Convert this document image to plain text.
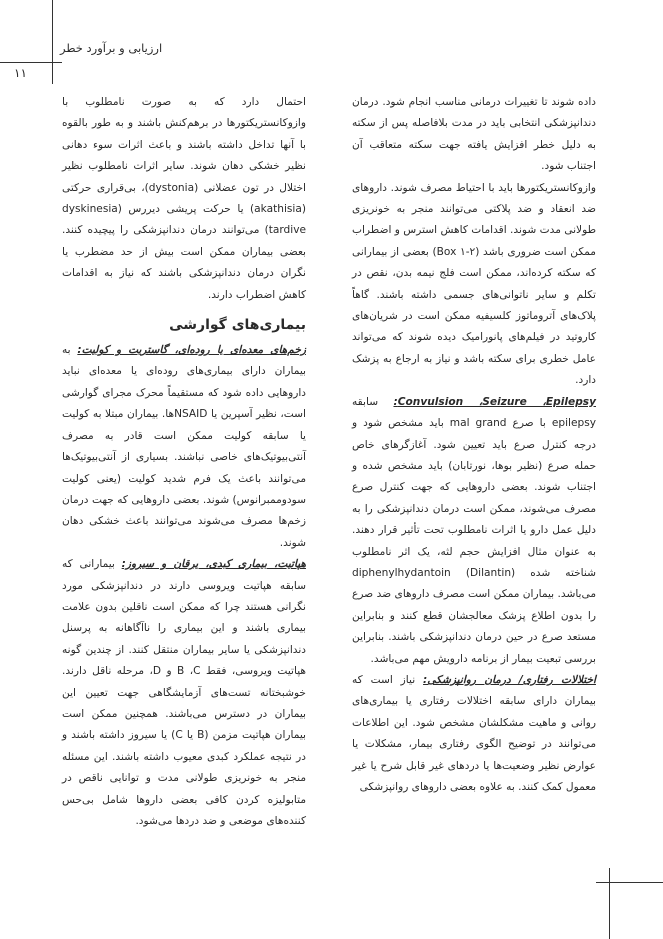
ارزیابی و برآورد خطر
۱۱

داده شوند تا تغییرات درمانی مناسب انجام شود. درمان دندانپزشکی انتخابی باید در مدت بلافاصله پس از سکته به دلیل خطر افزایش یافته جهت سکته متعاقب آن اجتناب شود.

وازوکانستریکتورها باید با احتیاط مصرف شوند. داروهای ضد انعقاد و ضد پلاکتی می‌توانند منجر به خونریزی طولانی مدت شوند. اقدامات کاهش استرس و اضطراب ممکن است ضروری باشد (Box ۱-۲) بعضی از بیمارانی که سکته کرده‌اند، ممکن است فلج نیمه بدن، نقص در تکلم و سایر ناتوانی‌های جسمی داشته باشند. گاهاً پلاک‌های آتروماتوز کلسیفیه ممکن است در شریان‌های کاروتید در فیلم‌های پانورامیک دیده شوند که می‌تواند عامل خطری برای سکته باشد و نیاز به ارجاع به پزشک دارد.

Convulsion ،Seizure ،Epilepsy: سابقه epilepsy با صرع mal grand باید مشخص شود و درجه کنترل صرع باید تعیین شود. آغازگرهای خاص حمله صرع (نظیر بوها، نورتابان) باید مشخص شده و اجتناب شوند. بعضی داروهایی که جهت کنترل صرع مصرف می‌شوند، ممکن است درمان دندانپزشکی را به دلیل عمل دارو یا اثرات نامطلوب تحت تأثیر قرار دهند. به عنوان مثال افزایش حجم لثه، یک اثر نامطلوب شناخته شده (Dilantin) diphenylhydantoin می‌باشد. بیماران ممکن است مصرف داروهای ضد صرع را بدون اطلاع پزشک معالجشان قطع کنند و بنابراین مستعد صرع در حین درمان دندانپزشکی باشند. بنابراین بررسی تبعیت بیمار از برنامه دارویش مهم می‌باشد.

اختلالات رفتاری/ درمان روانپزشکی: نیاز است که بیماران دارای سابقه اختلالات رفتاری یا بیماری‌های روانی و ماهیت مشکلشان مشخص شود. این اطلاعات می‌توانند در توضیح الگوی رفتاری بیمار، مشکلات یا عوارض نظیر وضعیت‌ها یا دردهای غیر قابل شرح یا غیر معمول کمک کنند. به علاوه بعضی داروهای روانپزشکی

احتمال دارد که به صورت نامطلوب با وازوکانستریکتورها در برهم‌کنش باشند و به طور بالقوه با آنها تداخل داشته باشند و باعث اثرات سوء دهانی نظیر خشکی دهان شوند. سایر اثرات نامطلوب نظیر اختلال در تون عضلانی (dystonia)، بی‌قراری حرکتی (akathisia) یا حرکت پریشی دیررس (dyskinesia tardive) می‌توانند درمان دندانپزشکی را پیچیده کنند. بعضی بیماران ممکن است بیش از حد مضطرب یا نگران درمان دندانپزشکی باشند که نیاز به اقدامات کاهش اضطراب دارند.

بیماری‌های گوارشی

زخم‌های معده‌ای یا روده‌ای، گاستریت و کولیت: به بیماران دارای بیماری‌های روده‌ای یا معده‌ای نباید داروهایی داده شود که مستقیماً محرک مجرای گوارشی است، نظیر آسپرین یا NSAIDها. بیماران مبتلا به کولیت یا سابقه کولیت ممکن است قادر به مصرف آنتی‌بیوتیک‌های خاصی نباشند. بسیاری از آنتی‌بیوتیک‌ها می‌توانند باعث یک فرم شدید کولیت (یعنی کولیت سودوممبرانوس) شوند. بعضی داروهایی که جهت درمان زخم‌ها مصرف می‌شوند می‌توانند باعث خشکی دهان شوند.

هپاتیت، بیماری کبدی، یرقان و سیروز: بیمارانی که سابقه هپاتیت ویروسی دارند در دندانپزشکی مورد نگرانی هستند چرا که ممکن است ناقلین بدون علامت بیماری باشند و این بیماری را ناآگاهانه به پرسنل دندانپزشکی یا سایر بیماران منتقل کنند. از چندین گونه هپاتیت ویروسی، فقط B ،C و D، مرحله ناقل دارند. خوشبختانه تست‌های آزمایشگاهی جهت تعیین این بیماران در دسترس می‌باشند. همچنین ممکن است بیماران هپاتیت مزمن (B یا C) یا سیروز داشته باشند و در نتیجه عملکرد کبدی معیوب داشته باشند. این مسئله منجر به خونریزی طولانی مدت و توانایی ناقص در متابولیزه کردن کافی بعضی داروها شامل بی‌حس کننده‌های موضعی و ضد دردها می‌شود.
